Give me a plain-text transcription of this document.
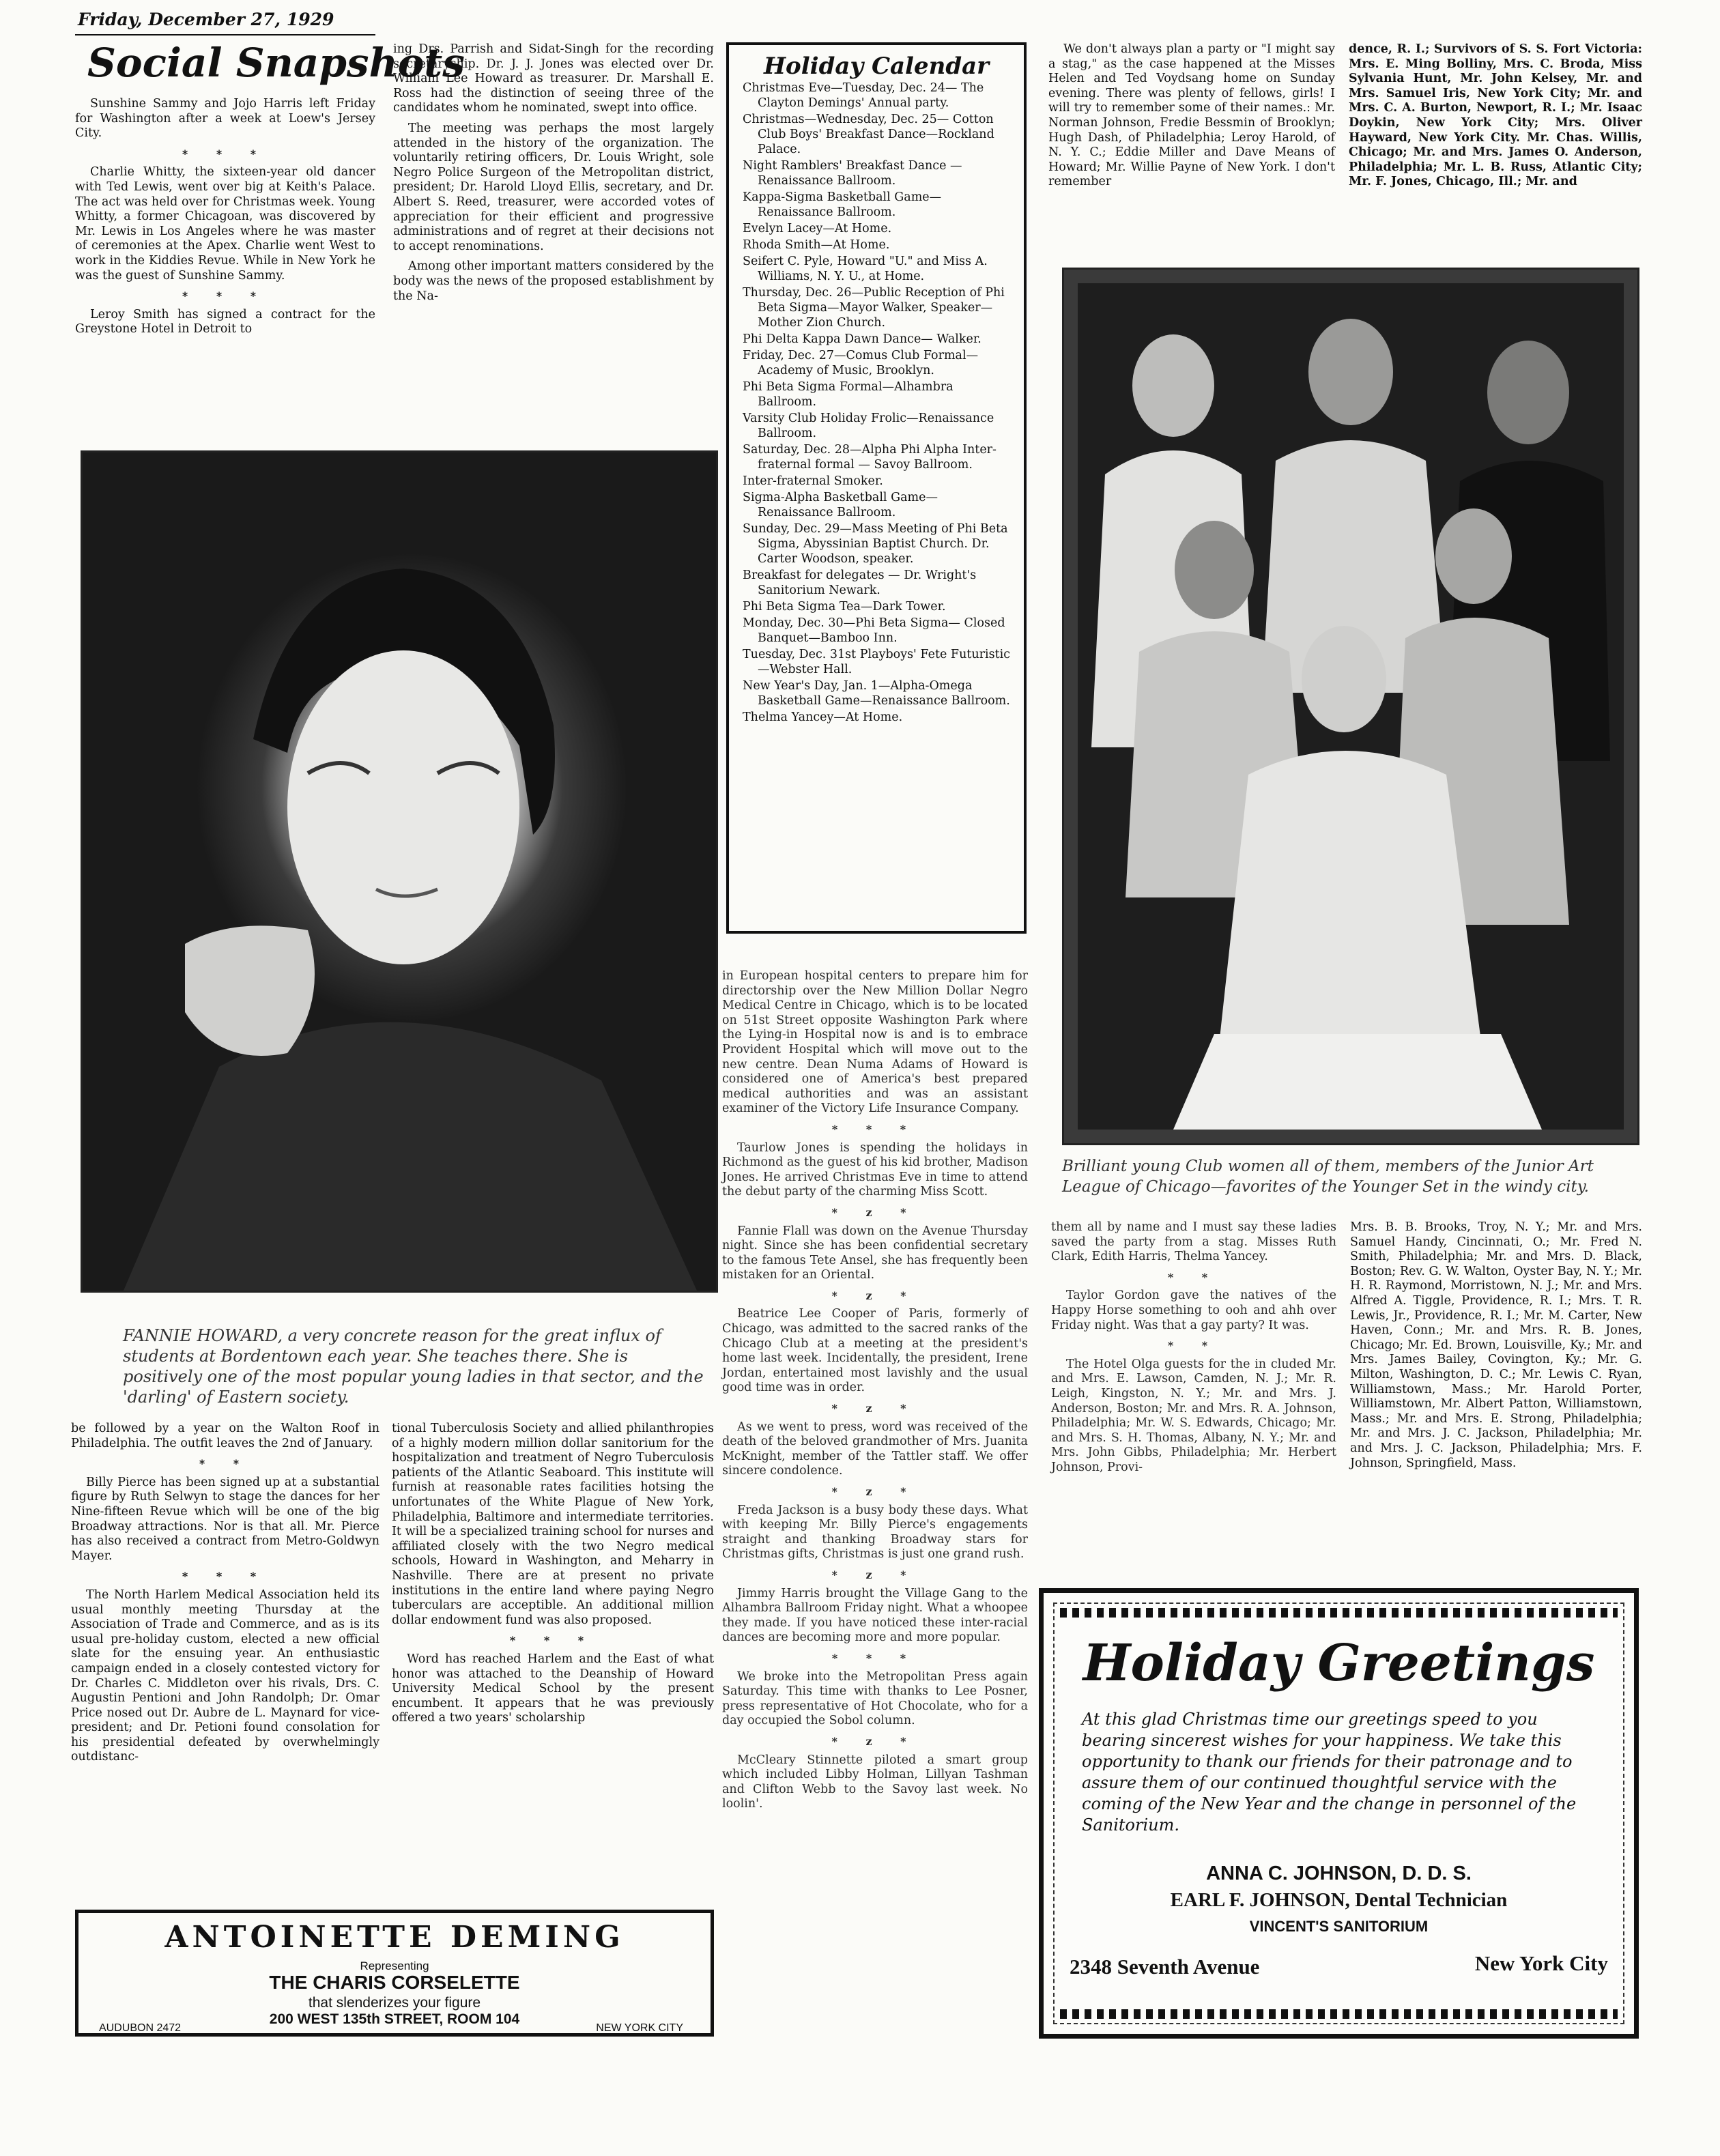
Friday, December 27, 1929
Social Snapshots

Sunshine Sammy and Jojo Harris left Friday for Washington after a week at Loew's Jersey City.

* * *

Charlie Whitty, the sixteen-year old dancer with Ted Lewis, went over big at Keith's Palace. The act was held over for Christmas week. Young Whitty, a former Chicagoan, was discovered by Mr. Lewis in Los Angeles where he was master of ceremonies at the Apex. Charlie went West to work in the Kiddies Revue. While in New York he was the guest of Sunshine Sammy.

* * *

Leroy Smith has signed a contract for the Greystone Hotel in Detroit to

ing Drs. Parrish and Sidat-Singh for the recording secretaryship. Dr. J. J. Jones was elected over Dr. William Lee Howard as treasurer. Dr. Marshall E. Ross had the distinction of seeing three of the candidates whom he nominated, swept into office.

The meeting was perhaps the most largely attended in the history of the organization. The voluntarily retiring officers, Dr. Louis Wright, sole Negro Police Surgeon of the Metropolitan district, president; Dr. Harold Lloyd Ellis, secretary, and Dr. Albert S. Reed, treasurer, were accorded votes of appreciation for their efficient and progressive administrations and of regret at their decisions not to accept renominations.

Among other important matters considered by the body was the news of the proposed establishment by the Na-

FANNIE HOWARD, a very concrete reason for the great influx of students at Bordentown each year. She teaches there. She is positively one of the most popular young ladies in that sector, and the 'darling' of Eastern society.

be followed by a year on the Walton Roof in Philadelphia. The outfit leaves the 2nd of January.

* *

Billy Pierce has been signed up at a substantial figure by Ruth Selwyn to stage the dances for her Nine-fifteen Revue which will be one of the big Broadway attractions. Nor is that all. Mr. Pierce has also received a contract from Metro-Goldwyn Mayer.

* * *

The North Harlem Medical Association held its usual monthly meeting Thursday at the Association of Trade and Commerce, and as is its usual pre-holiday custom, elected a new official slate for the ensuing year. An enthusiastic campaign ended in a closely contested victory for Dr. Charles C. Middleton over his rivals, Drs. C. Augustin Pentioni and John Randolph; Dr. Omar Price nosed out Dr. Aubre de L. Maynard for vice-president; and Dr. Petioni found consolation for his presidential defeated by overwhelmingly outdistanc-

tional Tuberculosis Society and allied philanthropies of a highly modern million dollar sanitorium for the hospitalization and treatment of Negro Tuberculosis patients of the Atlantic Seaboard. This institute will furnish at reasonable rates facilities hotsing the unfortunates of the White Plague of New York, Philadelphia, Baltimore and intermediate territories. It will be a specialized training school for nurses and affiliated closely with the two Negro medical schools, Howard in Washington, and Meharry in Nashville. There are at present no private institutions in the entire land where paying Negro tuberculars are acceptible. An additional million dollar endowment fund was also proposed.

* * *

Word has reached Harlem and the East of what honor was attached to the Deanship of Howard University Medical School by the present encumbent. It appears that he was previously offered a two years' scholarship

Holiday Calendar
Christmas Eve—Tuesday, Dec. 24— The Clayton Demings' Annual party.
Christmas—Wednesday, Dec. 25— Cotton Club Boys' Breakfast Dance—Rockland Palace.
Night Ramblers' Breakfast Dance —Renaissance Ballroom.
Kappa-Sigma Basketball Game— Renaissance Ballroom.
Evelyn Lacey—At Home.
Rhoda Smith—At Home.
Seifert C. Pyle, Howard "U." and Miss A. Williams, N. Y. U., at Home.
Thursday, Dec. 26—Public Reception of Phi Beta Sigma—Mayor Walker, Speaker—Mother Zion Church.
Phi Delta Kappa Dawn Dance— Walker.
Friday, Dec. 27—Comus Club Formal—Academy of Music, Brooklyn.
Phi Beta Sigma Formal—Alhambra Ballroom.
Varsity Club Holiday Frolic—Renaissance Ballroom.
Saturday, Dec. 28—Alpha Phi Alpha Inter-fraternal formal — Savoy Ballroom.
Inter-fraternal Smoker.
Sigma-Alpha Basketball Game— Renaissance Ballroom.
Sunday, Dec. 29—Mass Meeting of Phi Beta Sigma, Abyssinian Baptist Church. Dr. Carter Woodson, speaker.
Breakfast for delegates — Dr. Wright's Sanitorium Newark.
Phi Beta Sigma Tea—Dark Tower.
Monday, Dec. 30—Phi Beta Sigma— Closed Banquet—Bamboo Inn.
Tuesday, Dec. 31st Playboys' Fete Futuristic—Webster Hall.
New Year's Day, Jan. 1—Alpha-Omega Basketball Game—Renaissance Ballroom.
Thelma Yancey—At Home.

in European hospital centers to prepare him for directorship over the New Million Dollar Negro Medical Centre in Chicago, which is to be located on 51st Street opposite Washington Park where the Lying-in Hospital now is and is to embrace Provident Hospital which will move out to the new centre. Dean Numa Adams of Howard is considered one of America's best prepared medical authorities and was an assistant examiner of the Victory Life Insurance Company.

* * *

Taurlow Jones is spending the holidays in Richmond as the guest of his kid brother, Madison Jones. He arrived Christmas Eve in time to attend the debut party of the charming Miss Scott.

* z *

Fannie Flall was down on the Avenue Thursday night. Since she has been confidential secretary to the famous Tete Ansel, she has frequently been mistaken for an Oriental.

* z *

Beatrice Lee Cooper of Paris, formerly of Chicago, was admitted to the sacred ranks of the Chicago Club at a meeting at the president's home last week. Incidentally, the president, Irene Jordan, entertained most lavishly and the usual good time was in order.

* z *

As we went to press, word was received of the death of the beloved grandmother of Mrs. Juanita McKnight, member of the Tattler staff. We offer sincere condolence.

* z *

Freda Jackson is a busy body these days. What with keeping Mr. Billy Pierce's engagements straight and thanking Broadway stars for Christmas gifts, Christmas is just one grand rush.

* z *

Jimmy Harris brought the Village Gang to the Alhambra Ballroom Friday night. What a whoopee they made. If you have noticed these inter-racial dances are becoming more and more popular.

* * *

We broke into the Metropolitan Press again Saturday. This time with thanks to Lee Posner, press representative of Hot Chocolate, who for a day occupied the Sobol column.

* z *

McCleary Stinnette piloted a smart group which included Libby Holman, Lillyan Tashman and Clifton Webb to the Savoy last week. No loolin'.

We don't always plan a party or "I might say a stag," as the case happened at the Misses Helen and Ted Voydsang home on Sunday evening. There was plenty of fellows, girls! I will try to remember some of their names.: Mr. Norman Johnson, Fredie Bessmin of Brooklyn; Hugh Dash, of Philadelphia; Leroy Harold, of N. Y. C.; Eddie Miller and Dave Means of Howard; Mr. Willie Payne of New York. I don't remember

dence, R. I.; Survivors of S. S. Fort Victoria: Mrs. E. Ming Bolliny, Mrs. C. Broda, Miss Sylvania Hunt, Mr. John Kelsey, Mr. and Mrs. Samuel Iris, New York City; Mr. and Mrs. C. A. Burton, Newport, R. I.; Mr. Isaac Doykin, New York City; Mrs. Oliver Hayward, New York City. Mr. Chas. Willis, Chicago; Mr. and Mrs. James O. Anderson, Philadelphia; Mr. L. B. Russ, Atlantic City; Mr. F. Jones, Chicago, Ill.; Mr. and

Brilliant young Club women all of them, members of the Junior Art League of Chicago—favorites of the Younger Set in the windy city.

them all by name and I must say these ladies saved the party from a stag. Misses Ruth Clark, Edith Harris, Thelma Yancey.

* *

Taylor Gordon gave the natives of the Happy Horse something to ooh and ahh over Friday night. Was that a gay party? It was.

* *

The Hotel Olga guests for the in cluded Mr. and Mrs. E. Lawson, Camden, N. J.; Mr. R. Leigh, Kingston, N. Y.; Mr. and Mrs. J. Anderson, Boston; Mr. and Mrs. R. A. Johnson, Philadelphia; Mr. W. S. Edwards, Chicago; Mr. and Mrs. S. H. Thomas, Albany, N. Y.; Mr. and Mrs. John Gibbs, Philadelphia; Mr. Herbert Johnson, Provi-

Mrs. B. B. Brooks, Troy, N. Y.; Mr. and Mrs. Samuel Handy, Cincinnati, O.; Mr. Fred N. Smith, Philadelphia; Mr. and Mrs. D. Black, Boston; Rev. G. W. Walton, Oyster Bay, N. Y.; Mr. H. R. Raymond, Morristown, N. J.; Mr. and Mrs. Alfred A. Tiggle, Providence, R. I.; Mrs. T. R. Lewis, Jr., Providence, R. I.; Mr. M. Carter, New Haven, Conn.; Mr. and Mrs. R. B. Jones, Chicago; Mr. Ed. Brown, Louisville, Ky.; Mr. and Mrs. James Bailey, Covington, Ky.; Mr. G. Milton, Washington, D. C.; Mr. Lewis C. Ryan, Williamstown, Mass.; Mr. Harold Porter, Williamstown, Mr. Albert Patton, Williamstown, Mass.; Mr. and Mrs. E. Strong, Philadelphia; Mr. and Mrs. J. C. Jackson, Philadelphia; Mr. and Mrs. J. C. Jackson, Philadelphia; Mrs. F. Johnson, Springfield, Mass.

ANTOINETTE DEMING
Representing
THE CHARIS CORSELETTE
that slenderizes your figure
200 WEST 135th STREET, ROOM 104
AUDUBON 2472	NEW YORK CITY
Holiday Greetings
At this glad Christmas time our greetings speed to you bearing sincerest wishes for your happiness. We take this opportunity to thank our friends for their patronage and to assure them of our continued thoughtful service with the coming of the New Year and the change in personnel of the Sanitorium.
ANNA C. JOHNSON, D. D. S.
EARL F. JOHNSON, Dental Technician
VINCENT'S SANITORIUM
2348 Seventh Avenue	New York City
